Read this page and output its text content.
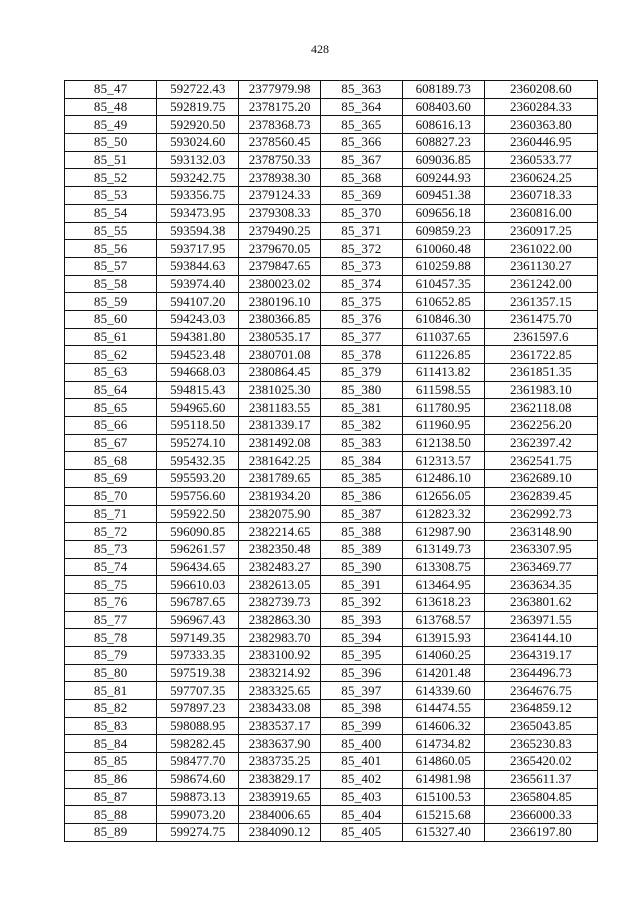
428
85_47	592722.43	2377979.98	85_363	608189.73	2360208.60
85_48	592819.75	2378175.20	85_364	608403.60	2360284.33
85_49	592920.50	2378368.73	85_365	608616.13	2360363.80
85_50	593024.60	2378560.45	85_366	608827.23	2360446.95
85_51	593132.03	2378750.33	85_367	609036.85	2360533.77
85_52	593242.75	2378938.30	85_368	609244.93	2360624.25
85_53	593356.75	2379124.33	85_369	609451.38	2360718.33
85_54	593473.95	2379308.33	85_370	609656.18	2360816.00
85_55	593594.38	2379490.25	85_371	609859.23	2360917.25
85_56	593717.95	2379670.05	85_372	610060.48	2361022.00
85_57	593844.63	2379847.65	85_373	610259.88	2361130.27
85_58	593974.40	2380023.02	85_374	610457.35	2361242.00
85_59	594107.20	2380196.10	85_375	610652.85	2361357.15
85_60	594243.03	2380366.85	85_376	610846.30	2361475.70
85_61	594381.80	2380535.17	85_377	611037.65	2361597.6
85_62	594523.48	2380701.08	85_378	611226.85	2361722.85
85_63	594668.03	2380864.45	85_379	611413.82	2361851.35
85_64	594815.43	2381025.30	85_380	611598.55	2361983.10
85_65	594965.60	2381183.55	85_381	611780.95	2362118.08
85_66	595118.50	2381339.17	85_382	611960.95	2362256.20
85_67	595274.10	2381492.08	85_383	612138.50	2362397.42
85_68	595432.35	2381642.25	85_384	612313.57	2362541.75
85_69	595593.20	2381789.65	85_385	612486.10	2362689.10
85_70	595756.60	2381934.20	85_386	612656.05	2362839.45
85_71	595922.50	2382075.90	85_387	612823.32	2362992.73
85_72	596090.85	2382214.65	85_388	612987.90	2363148.90
85_73	596261.57	2382350.48	85_389	613149.73	2363307.95
85_74	596434.65	2382483.27	85_390	613308.75	2363469.77
85_75	596610.03	2382613.05	85_391	613464.95	2363634.35
85_76	596787.65	2382739.73	85_392	613618.23	2363801.62
85_77	596967.43	2382863.30	85_393	613768.57	2363971.55
85_78	597149.35	2382983.70	85_394	613915.93	2364144.10
85_79	597333.35	2383100.92	85_395	614060.25	2364319.17
85_80	597519.38	2383214.92	85_396	614201.48	2364496.73
85_81	597707.35	2383325.65	85_397	614339.60	2364676.75
85_82	597897.23	2383433.08	85_398	614474.55	2364859.12
85_83	598088.95	2383537.17	85_399	614606.32	2365043.85
85_84	598282.45	2383637.90	85_400	614734.82	2365230.83
85_85	598477.70	2383735.25	85_401	614860.05	2365420.02
85_86	598674.60	2383829.17	85_402	614981.98	2365611.37
85_87	598873.13	2383919.65	85_403	615100.53	2365804.85
85_88	599073.20	2384006.65	85_404	615215.68	2366000.33
85_89	599274.75	2384090.12	85_405	615327.40	2366197.80
